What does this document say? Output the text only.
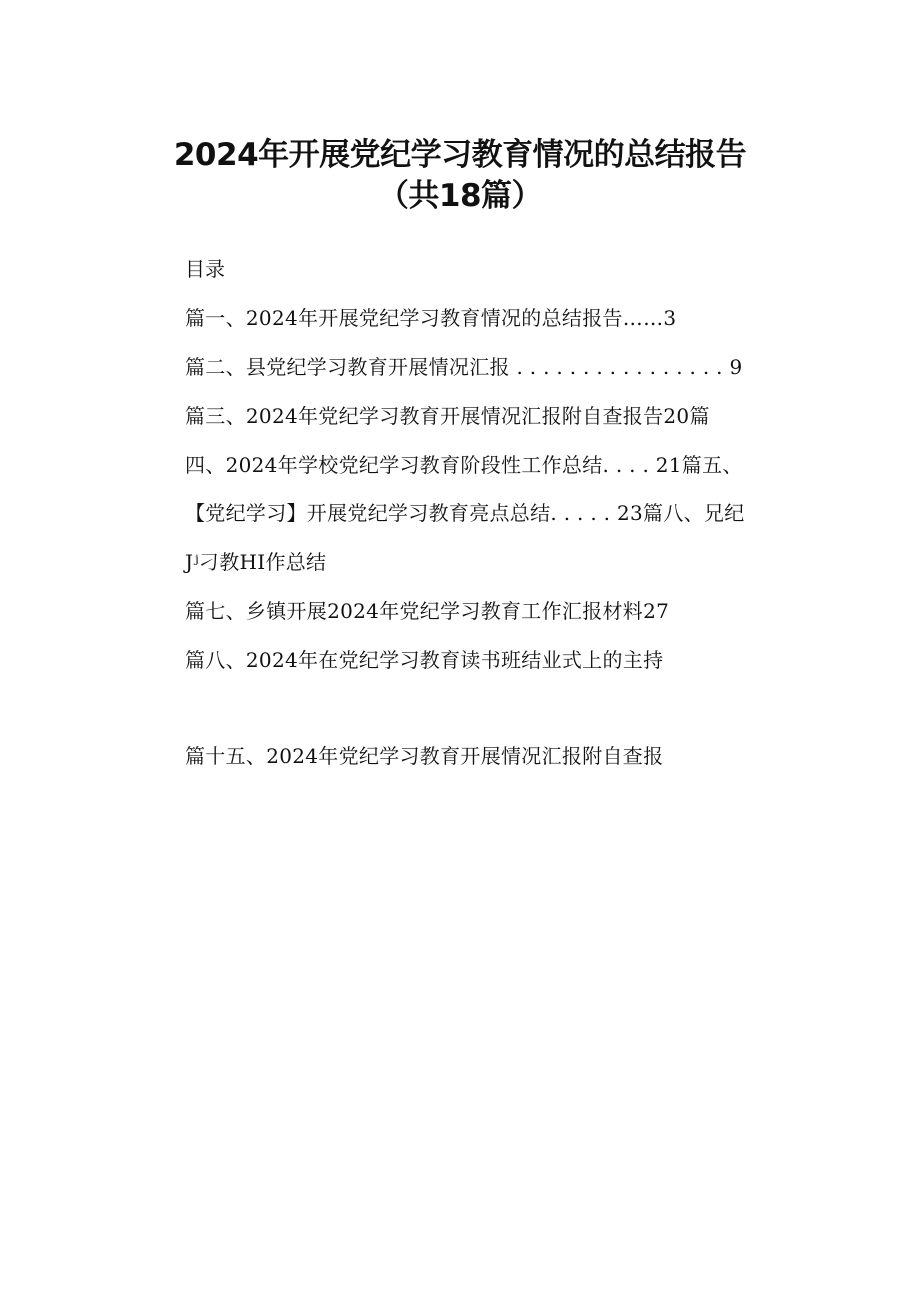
2024年开展党纪学习教育情况的总结报告
（共18篇）
目录
篇一、2024年开展党纪学习教育情况的总结报告……3
篇二、县党纪学习教育开展情况汇报 . . . . . . . . . . . . . . . . 9
篇三、2024年党纪学习教育开展情况汇报附自查报告20篇
四、2024年学校党纪学习教育阶段性工作总结. . . . 21篇五、
【党纪学习】开展党纪学习教育亮点总结. . . . . 23篇八、兄纪
Jʲ刁教HI作总结
篇七、乡镇开展2024年党纪学习教育工作汇报材料27
篇八、2024年在党纪学习教育读书班结业式上的主持
篇十五、2024年党纪学习教育开展情况汇报附自查报
